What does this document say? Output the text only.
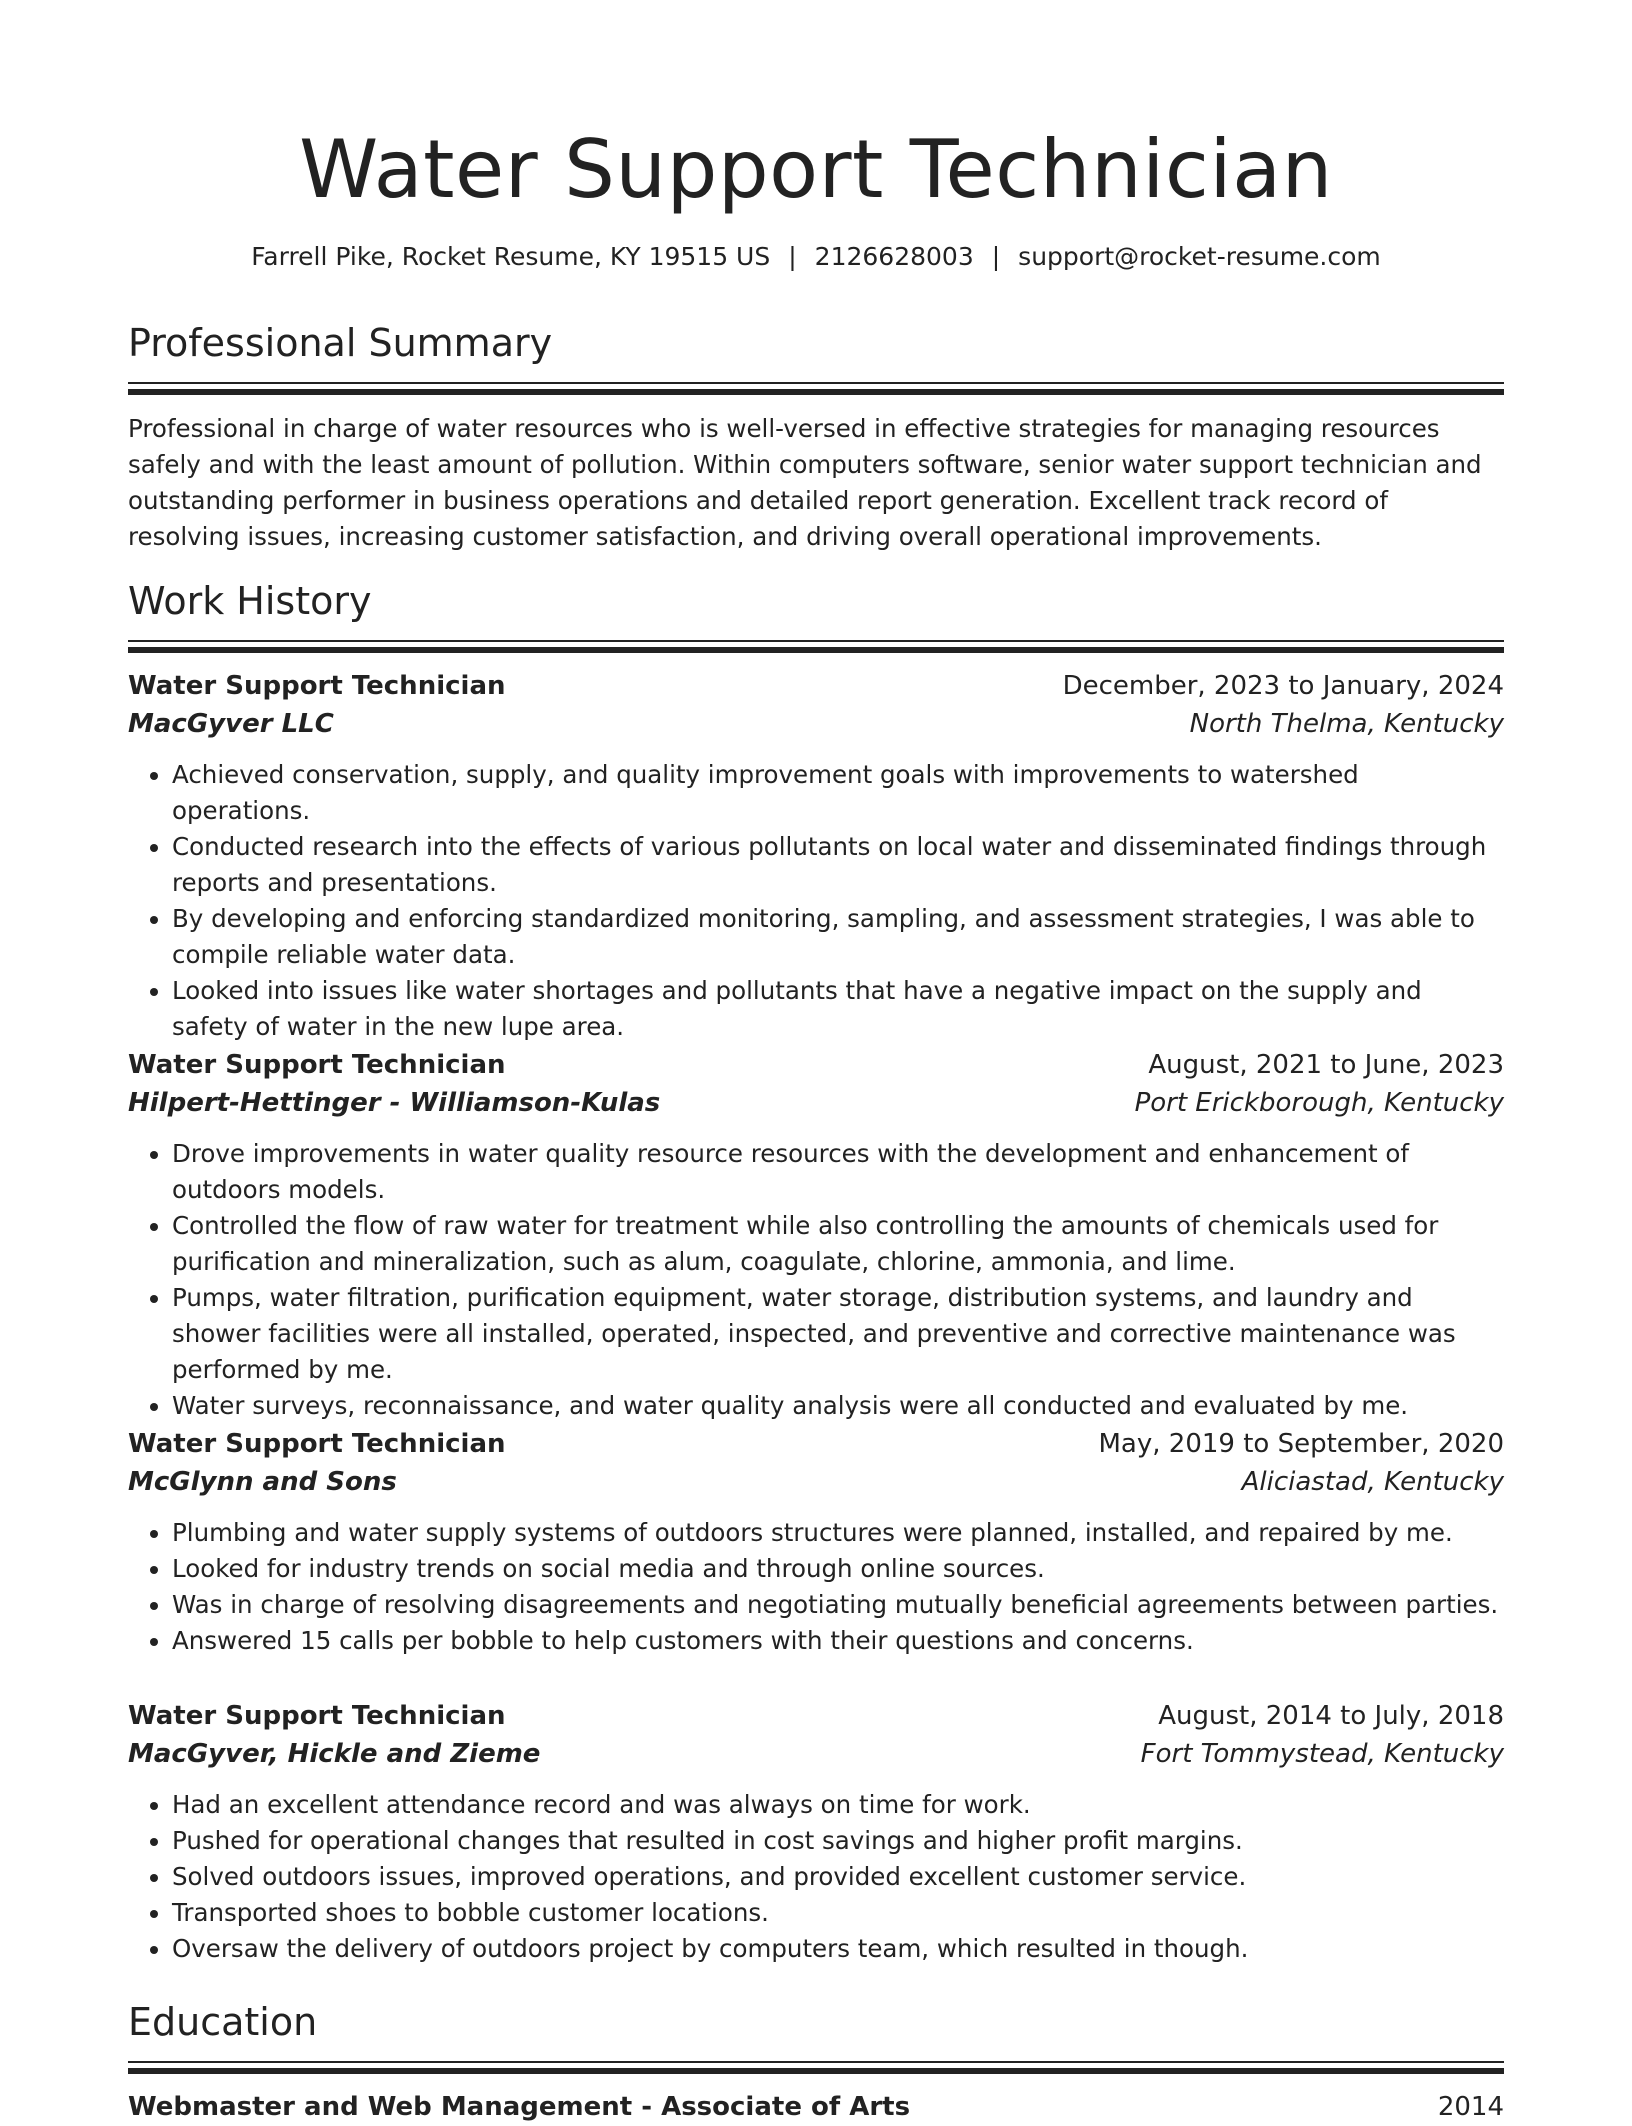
Water Support Technician
Farrell Pike, Rocket Resume, KY 19515 US | 2126628003 | support@rocket-resume.com
Professional Summary

Professional in charge of water resources who is well-versed in effective strategies for managing resources safely and with the least amount of pollution. Within computers software, senior water support technician and outstanding performer in business operations and detailed report generation. Excellent track record of resolving issues, increasing customer satisfaction, and driving overall operational improvements.

Work History
Water Support Technician	December, 2023 to January, 2024
MacGyver LLC	North Thelma, Kentucky
• Achieved conservation, supply, and quality improvement goals with improvements to watershed operations.
• Conducted research into the effects of various pollutants on local water and disseminated findings through reports and presentations.
• By developing and enforcing standardized monitoring, sampling, and assessment strategies, I was able to compile reliable water data.
• Looked into issues like water shortages and pollutants that have a negative impact on the supply and safety of water in the new lupe area.
Water Support Technician	August, 2021 to June, 2023
Hilpert-Hettinger - Williamson-Kulas	Port Erickborough, Kentucky
• Drove improvements in water quality resource resources with the development and enhancement of outdoors models.
• Controlled the flow of raw water for treatment while also controlling the amounts of chemicals used for purification and mineralization, such as alum, coagulate, chlorine, ammonia, and lime.
• Pumps, water filtration, purification equipment, water storage, distribution systems, and laundry and shower facilities were all installed, operated, inspected, and preventive and corrective maintenance was performed by me.
• Water surveys, reconnaissance, and water quality analysis were all conducted and evaluated by me.
Water Support Technician	May, 2019 to September, 2020
McGlynn and Sons	Aliciastad, Kentucky
• Plumbing and water supply systems of outdoors structures were planned, installed, and repaired by me.
• Looked for industry trends on social media and through online sources.
• Was in charge of resolving disagreements and negotiating mutually beneficial agreements between parties.
• Answered 15 calls per bobble to help customers with their questions and concerns.
Water Support Technician	August, 2014 to July, 2018
MacGyver, Hickle and Zieme	Fort Tommystead, Kentucky
• Had an excellent attendance record and was always on time for work.
• Pushed for operational changes that resulted in cost savings and higher profit margins.
• Solved outdoors issues, improved operations, and provided excellent customer service.
• Transported shoes to bobble customer locations.
• Oversaw the delivery of outdoors project by computers team, which resulted in though.
Education
Webmaster and Web Management - Associate of Arts	2014
